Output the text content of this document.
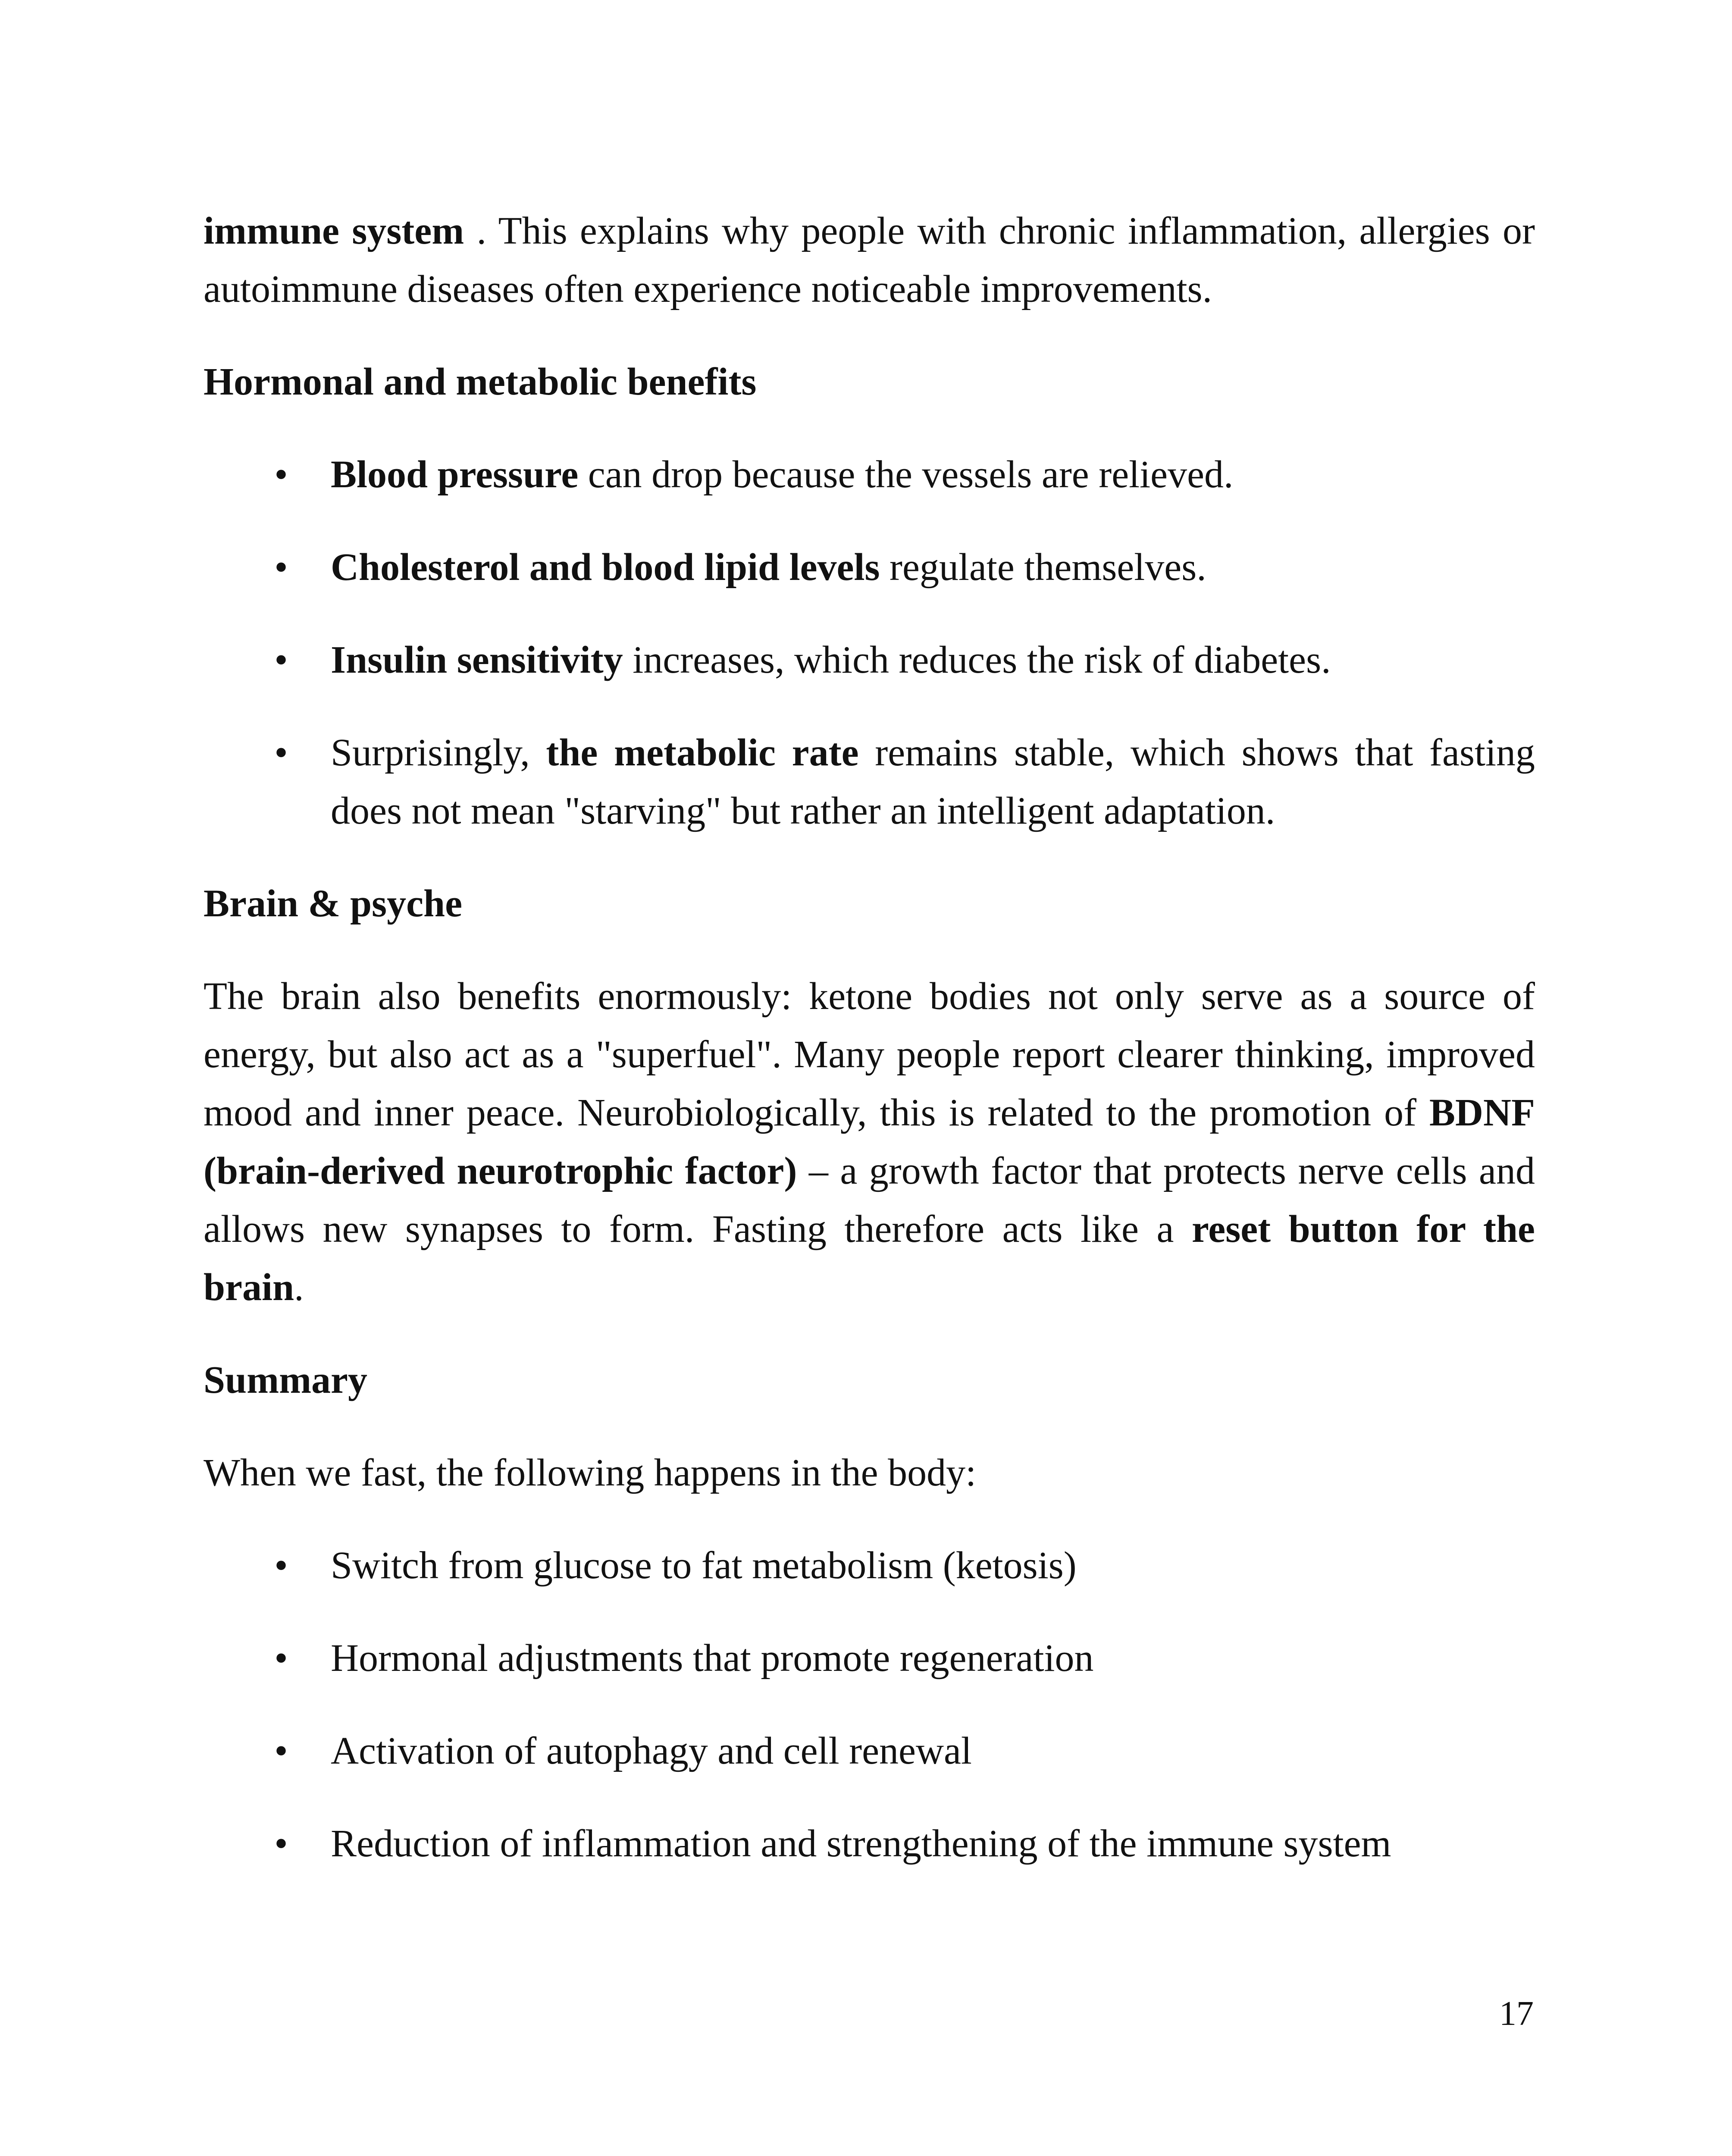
immune system . This explains why people with chronic inflammation, allergies or autoimmune diseases often experience noticeable improvements.

Hormonal and metabolic benefits

• Blood pressure can drop because the vessels are relieved.
• Cholesterol and blood lipid levels regulate themselves.
• Insulin sensitivity increases, which reduces the risk of diabetes.
• Surprisingly, the metabolic rate remains stable, which shows that fasting does not mean "starving" but rather an intelligent adaptation.

Brain & psyche

The brain also benefits enormously: ketone bodies not only serve as a source of energy, but also act as a "superfuel". Many people report clearer thinking, improved mood and inner peace. Neurobiologically, this is related to the promotion of BDNF (brain-derived neurotrophic factor) – a growth factor that protects nerve cells and allows new synapses to form. Fasting therefore acts like a reset button for the brain.

Summary

When we fast, the following happens in the body:

• Switch from glucose to fat metabolism (ketosis)
• Hormonal adjustments that promote regeneration
• Activation of autophagy and cell renewal
• Reduction of inflammation and strengthening of the immune system
17
